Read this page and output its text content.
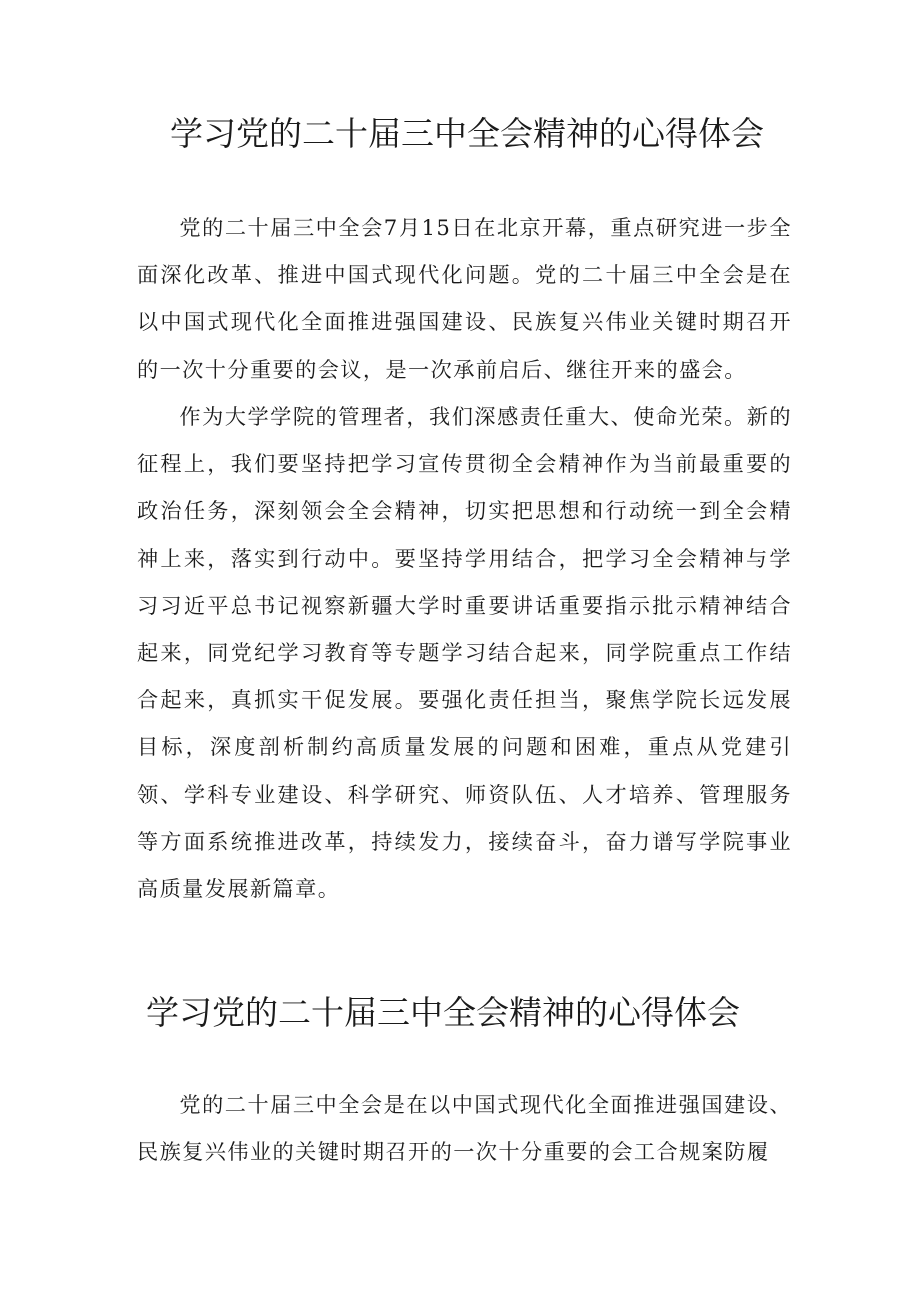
学习党的二十届三中全会精神的心得体会

党的二十届三中全会7月15日在北京开幕，重点研究进一步全面深化改革、推进中国式现代化问题。党的二十届三中全会是在以中国式现代化全面推进强国建设、民族复兴伟业关键时期召开的一次十分重要的会议，是一次承前启后、继往开来的盛会。

作为大学学院的管理者，我们深感责任重大、使命光荣。新的征程上，我们要坚持把学习宣传贯彻全会精神作为当前最重要的政治任务，深刻领会全会精神，切实把思想和行动统一到全会精神上来，落实到行动中。要坚持学用结合，把学习全会精神与学习习近平总书记视察新疆大学时重要讲话重要指示批示精神结合起来，同党纪学习教育等专题学习结合起来，同学院重点工作结合起来，真抓实干促发展。要强化责任担当，聚焦学院长远发展目标，深度剖析制约高质量发展的问题和困难，重点从党建引领、学科专业建设、科学研究、师资队伍、人才培养、管理服务等方面系统推进改革，持续发力，接续奋斗，奋力谱写学院事业高质量发展新篇章。

学习党的二十届三中全会精神的心得体会

党的二十届三中全会是在以中国式现代化全面推进强国建设、民族复兴伟业的关键时期召开的一次十分重要的会工合规案防履
